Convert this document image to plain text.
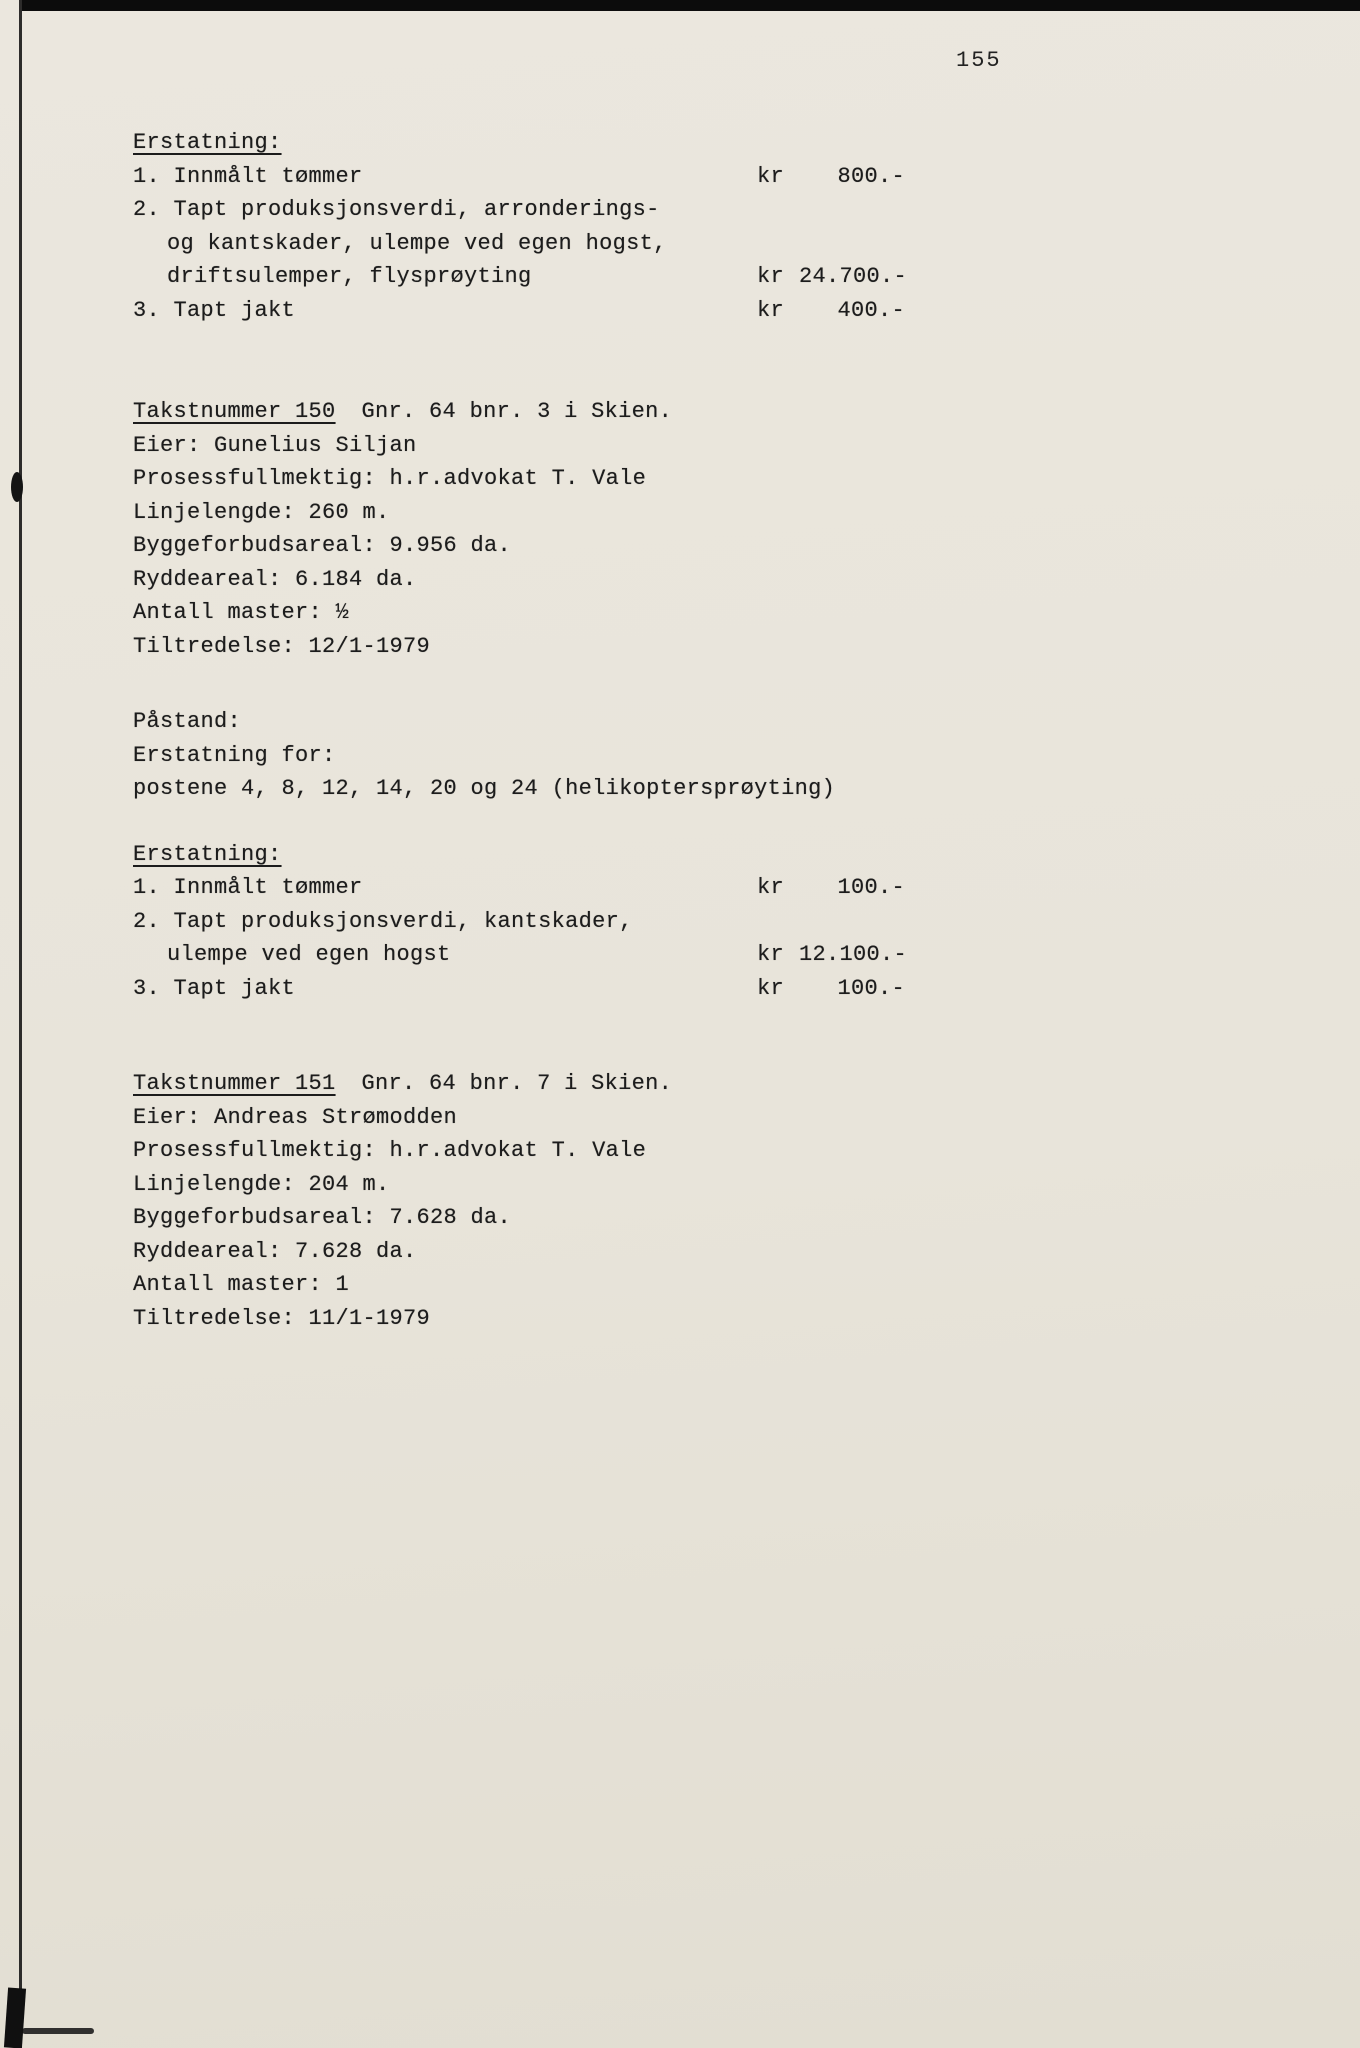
155
Erstatning:
1. Innmålt tømmer	kr	800.-
2. Tapt produksjonsverdi, arronderings-
og kantskader, ulempe ved egen hogst,
driftsulemper, flysprøyting	kr 24.700.-
3. Tapt jakt	kr	400.-
Takstnummer 150 Gnr. 64 bnr. 3 i Skien.
Eier: Gunelius Siljan
Prosessfullmektig: h.r.advokat T. Vale
Linjelengde: 260 m.
Byggeforbudsareal: 9.956 da.
Ryddeareal: 6.184 da.
Antall master: ½
Tiltredelse: 12/1-1979
Påstand:
Erstatning for:
postene 4, 8, 12, 14, 20 og 24 (helikoptersprøyting)
Erstatning:
1. Innmålt tømmer	kr	100.-
2. Tapt produksjonsverdi, kantskader,
ulempe ved egen hogst	kr 12.100.-
3. Tapt jakt	kr	100.-
Takstnummer 151 Gnr. 64 bnr. 7 i Skien.
Eier: Andreas Strømodden
Prosessfullmektig: h.r.advokat T. Vale
Linjelengde: 204 m.
Byggeforbudsareal: 7.628 da.
Ryddeareal: 7.628 da.
Antall master: 1
Tiltredelse: 11/1-1979
